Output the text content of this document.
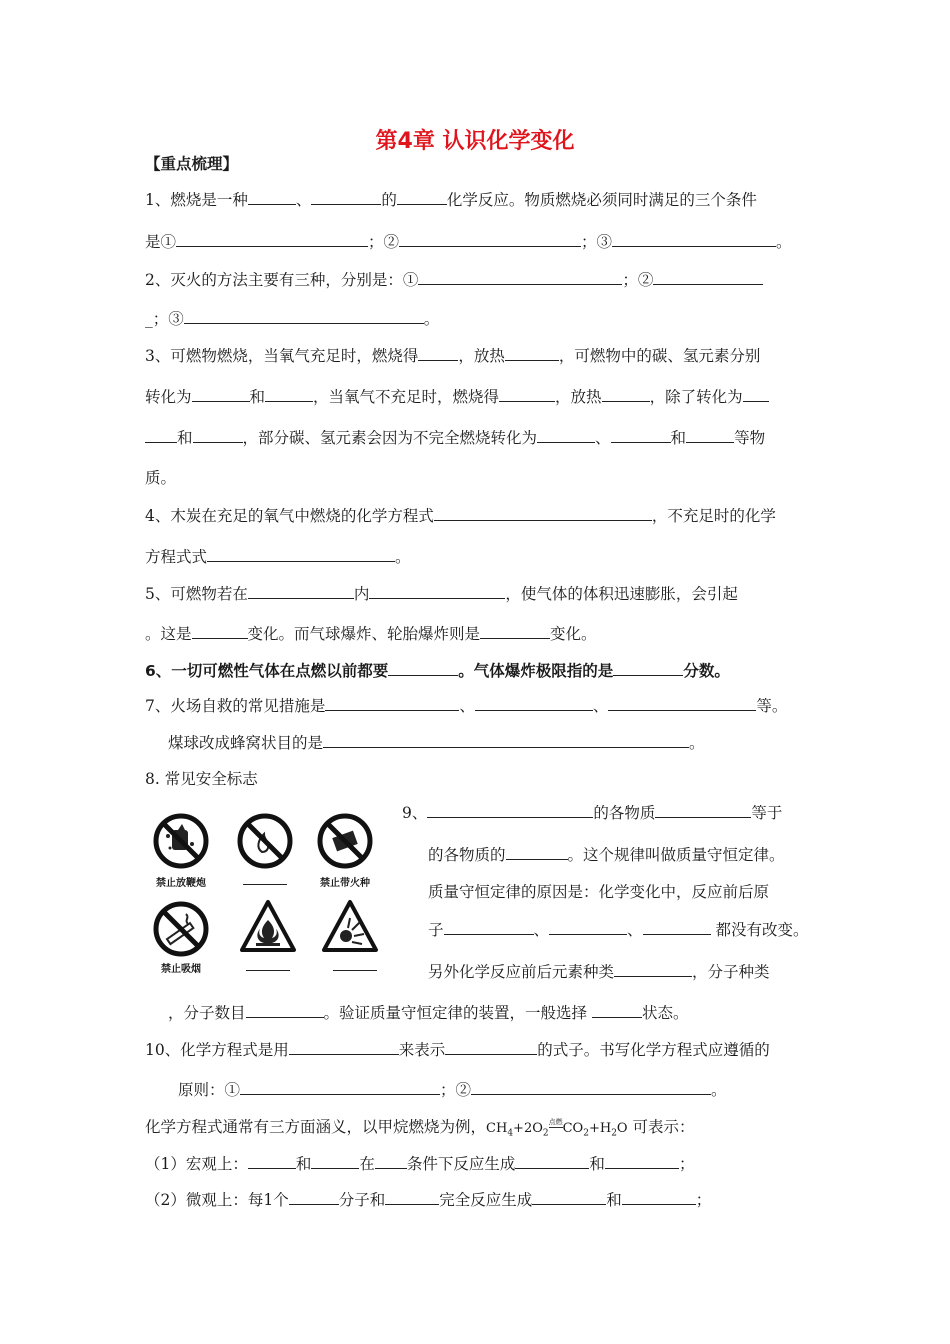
第4章 认识化学变化
【重点梳理】
1、燃烧是一种	、	的	化学反应。物质燃烧必须同时满足的三个条件
是①	；②	；③	。
2、灭火的方法主要有三种，分别是：①	；②
_；③	。
3、可燃物燃烧，当氧气充足时，燃烧得	，放热	，可燃物中的碳、氢元素分别
转化为	和	，当氧气不充足时，燃烧得	，放热	，除了转化为
和	，部分碳、氢元素会因为不完全燃烧转化为	、	和	等物
质。
4、木炭在充足的氧气中燃烧的化学方程式	，不充足时的化学
方程式式	。
5、可燃物若在	内	，使气体的体积迅速膨胀，会引起
。这是	变化。而气球爆炸、轮胎爆炸则是	变化。
6、一切可燃性气体在点燃以前都要	。气体爆炸极限指的是	分数。
7、火场自救的常见措施是	、	、	等。
煤球改成蜂窝状目的是	。
8. 常见安全标志
禁止放鞭炮	禁止带火种
禁止吸烟
9、	的各物质	等于
的各物质的	。这个规律叫做质量守恒定律。
质量守恒定律的原因是：化学变化中，反应前后原
子	、	、	都没有改变。
另外化学反应前后元素种类	，分子种类
，分子数目	。验证质量守恒定律的装置，一般选择	状态。
10、化学方程式是用	来表示	的式子。书写化学方程式应遵循的
原则：①	；②	。
化学方程式通常有三方面涵义，以甲烷燃烧为例，$CH_4+2O_2^{点燃}$
$CO_2+H_2O$ 可表示：
（1）宏观上：	和	在 条件下反应生成	和	；
（2）微观上：每1个	分子和	完全反应生成	和	；
